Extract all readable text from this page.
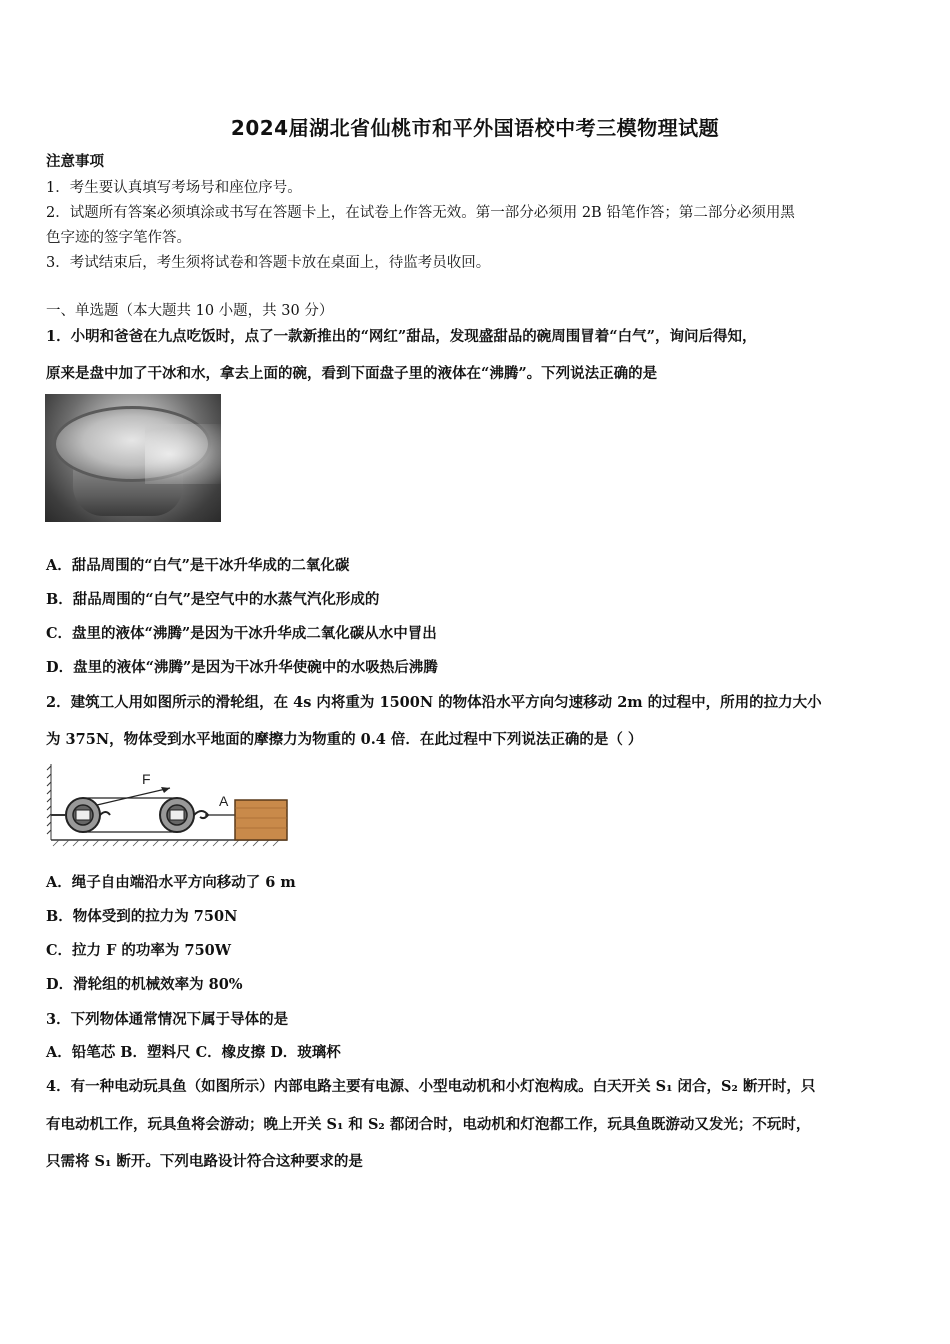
2024届湖北省仙桃市和平外国语校中考三模物理试题
注意事项
1．考生要认真填写考场号和座位序号。
2．试题所有答案必须填涂或书写在答题卡上，在试卷上作答无效。第一部分必须用 2B 铅笔作答；第二部分必须用黑
色字迹的签字笔作答。
3．考试结束后，考生须将试卷和答题卡放在桌面上，待监考员收回。
一、单选题（本大题共 10 小题，共 30 分）
1．小明和爸爸在九点吃饭时，点了一款新推出的“网红”甜品，发现盛甜品的碗周围冒着“白气”，询问后得知，
原来是盘中加了干冰和水，拿去上面的碗，看到下面盘子里的液体在“沸腾”。下列说法正确的是
A．甜品周围的“白气”是干冰升华成的二氧化碳
B．甜品周围的“白气”是空气中的水蒸气汽化形成的
C．盘里的液体“沸腾”是因为干冰升华成二氧化碳从水中冒出
D．盘里的液体“沸腾”是因为干冰升华使碗中的水吸热后沸腾
2．建筑工人用如图所示的滑轮组，在 4s 内将重为 1500N 的物体沿水平方向匀速移动 2m 的过程中，所用的拉力大小
为 375N，物体受到水平地面的摩擦力为物重的 0.4 倍．在此过程中下列说法正确的是（ ）
F
A
A．绳子自由端沿水平方向移动了 6 m
B．物体受到的拉力为 750N
C．拉力 F 的功率为 750W
D．滑轮组的机械效率为 80%
3．下列物体通常情况下属于导体的是
A．铅笔芯 B．塑料尺 C．橡皮擦 D．玻璃杯
4．有一种电动玩具鱼（如图所示）内部电路主要有电源、小型电动机和小灯泡构成。白天开关 S₁ 闭合，S₂ 断开时，只
有电动机工作，玩具鱼将会游动；晚上开关 S₁ 和 S₂ 都闭合时，电动机和灯泡都工作，玩具鱼既游动又发光；不玩时，
只需将 S₁ 断开。下列电路设计符合这种要求的是
